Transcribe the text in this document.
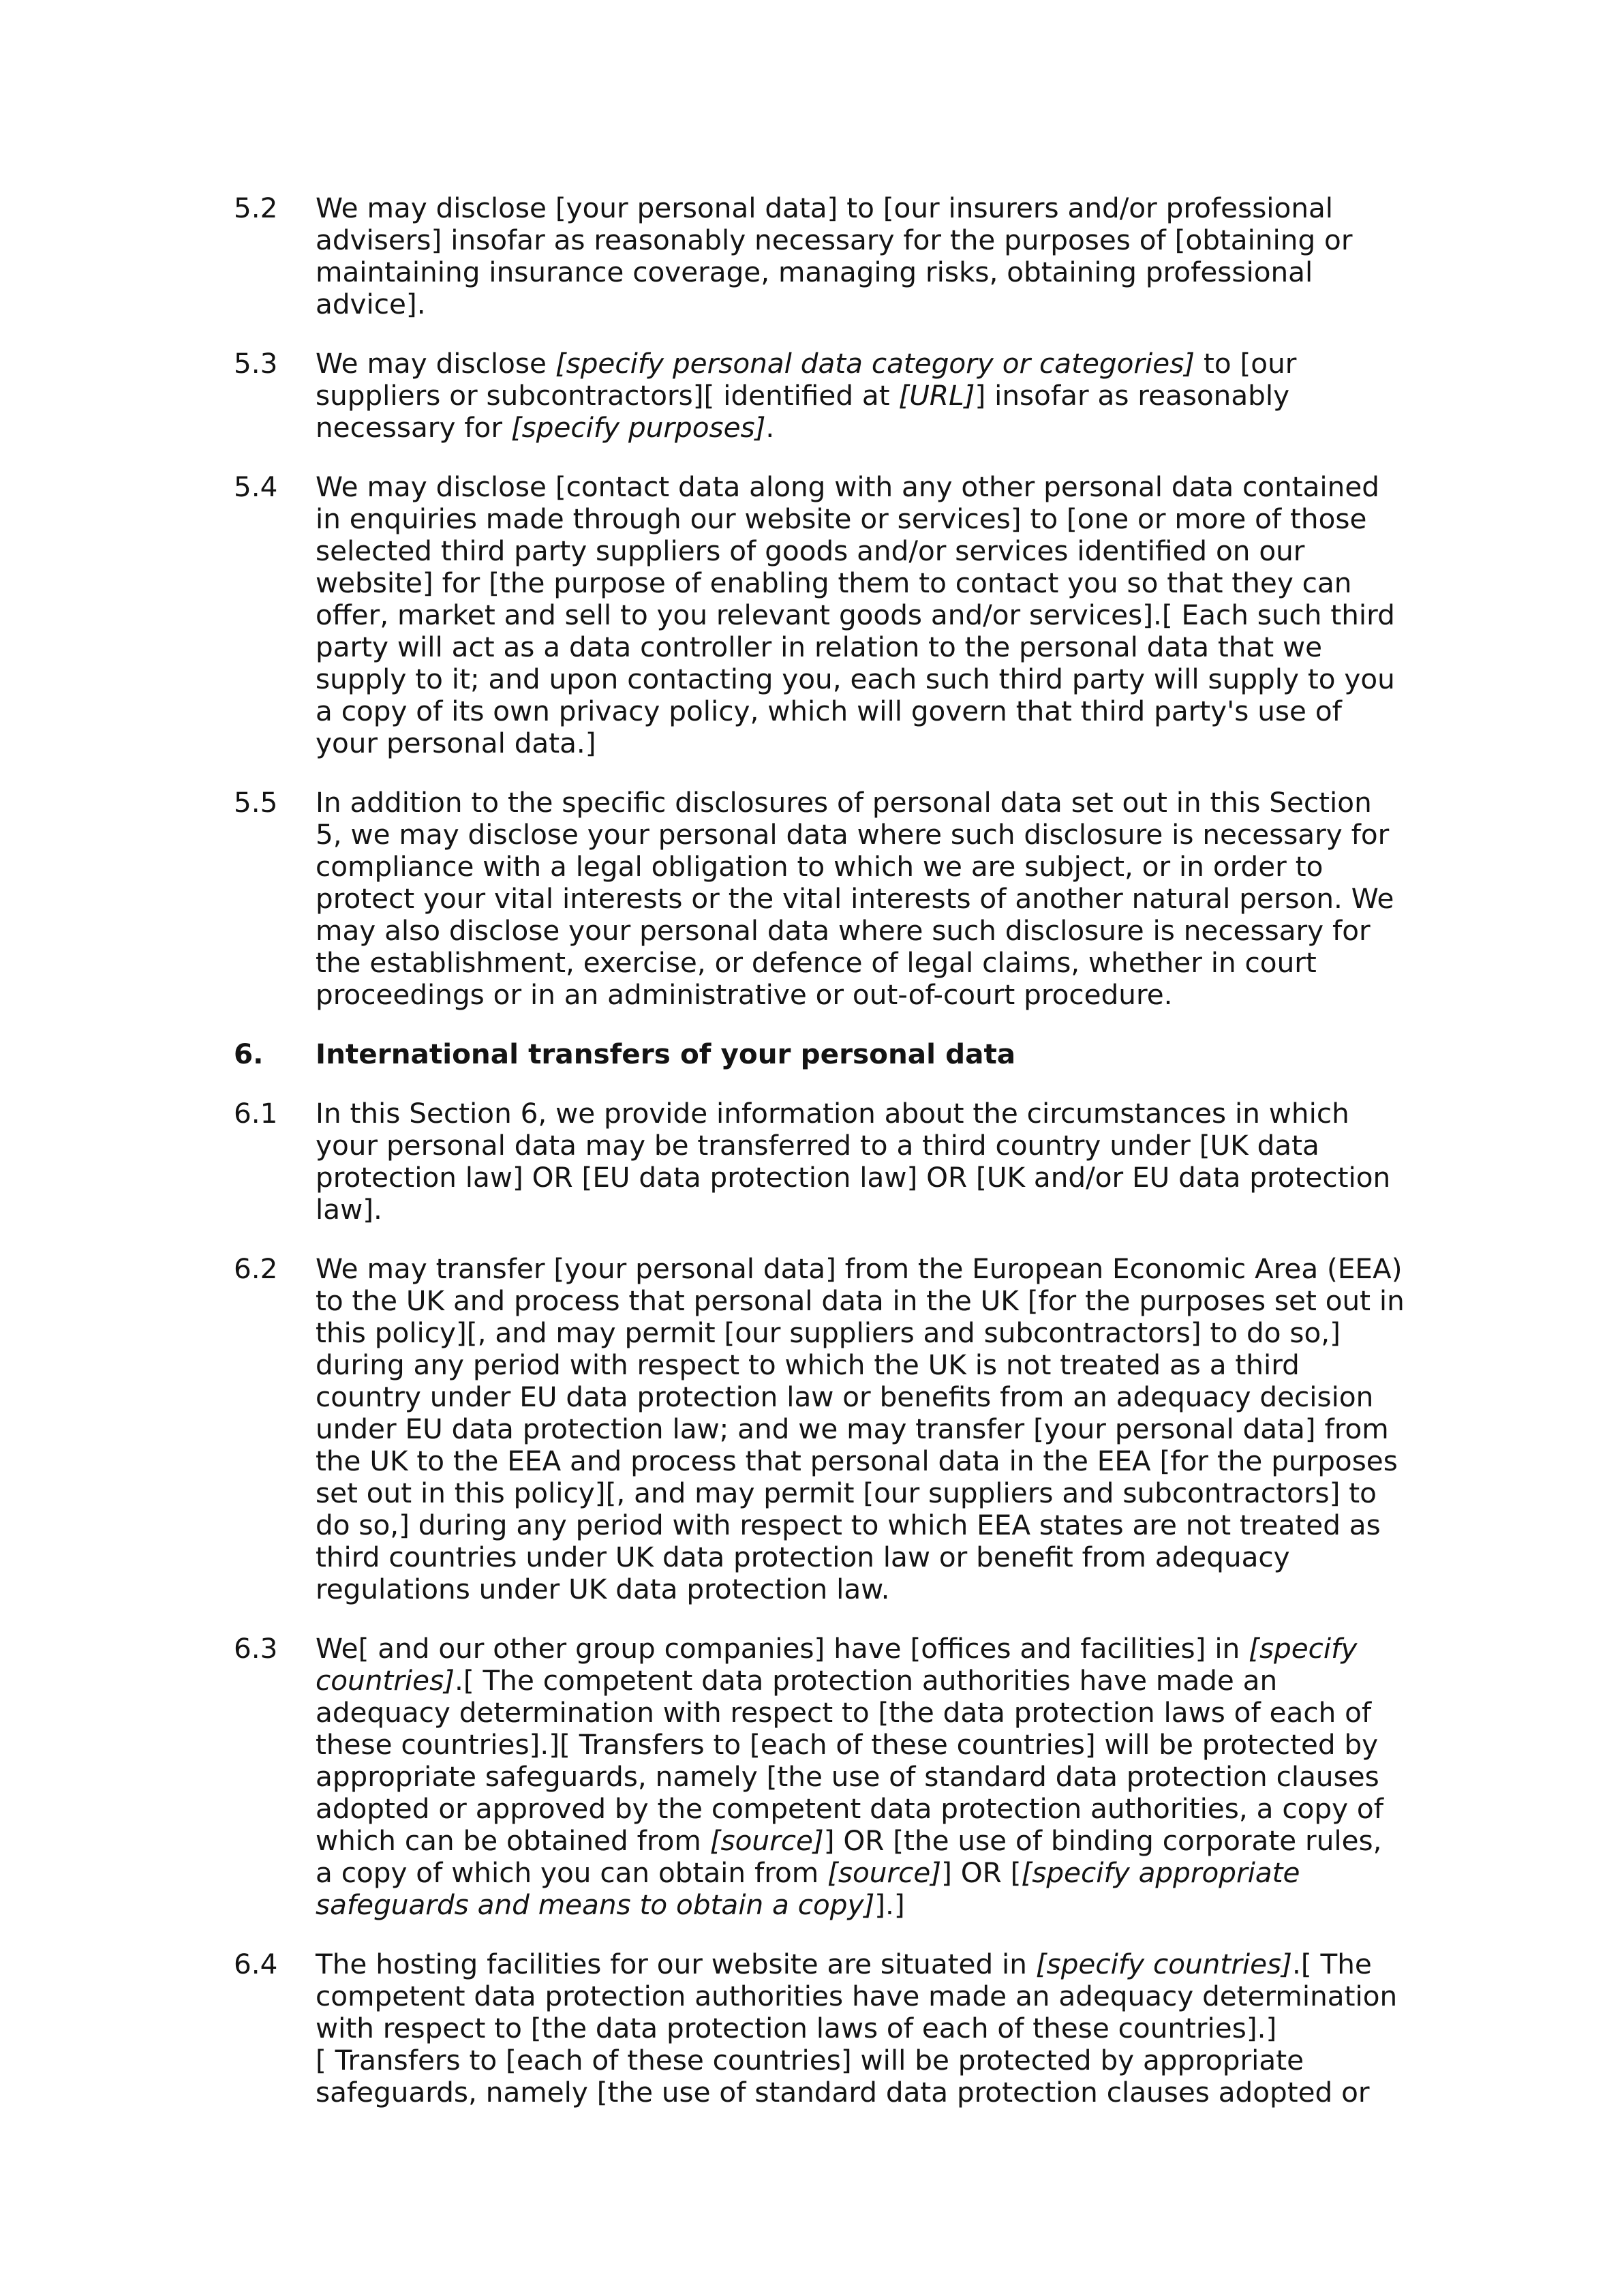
5.2	We may disclose [your personal data] to [our insurers and/or professional advisers] insofar as reasonably necessary for the purposes of [obtaining or maintaining insurance coverage, managing risks, obtaining professional advice].
5.3	We may disclose [specify personal data category or categories] to [our suppliers or subcontractors][ identified at [URL]] insofar as reasonably necessary for [specify purposes].
5.4	We may disclose [contact data along with any other personal data contained in enquiries made through our website or services] to [one or more of those selected third party suppliers of goods and/or services identified on our website] for [the purpose of enabling them to contact you so that they can offer, market and sell to you relevant goods and/or services].[ Each such third party will act as a data controller in relation to the personal data that we supply to it; and upon contacting you, each such third party will supply to you a copy of its own privacy policy, which will govern that third party's use of your personal data.]
5.5	In addition to the specific disclosures of personal data set out in this Section 5, we may disclose your personal data where such disclosure is necessary for compliance with a legal obligation to which we are subject, or in order to protect your vital interests or the vital interests of another natural person. We may also disclose your personal data where such disclosure is necessary for the establishment, exercise, or defence of legal claims, whether in court proceedings or in an administrative or out-of-court procedure.
6.	International transfers of your personal data
6.1	In this Section 6, we provide information about the circumstances in which your personal data may be transferred to a third country under [UK data protection law] OR [EU data protection law] OR [UK and/or EU data protection law].
6.2	We may transfer [your personal data] from the European Economic Area (EEA) to the UK and process that personal data in the UK [for the purposes set out in this policy][, and may permit [our suppliers and subcontractors] to do so,] during any period with respect to which the UK is not treated as a third country under EU data protection law or benefits from an adequacy decision under EU data protection law; and we may transfer [your personal data] from the UK to the EEA and process that personal data in the EEA [for the purposes set out in this policy][, and may permit [our suppliers and subcontractors] to do so,] during any period with respect to which EEA states are not treated as third countries under UK data protection law or benefit from adequacy regulations under UK data protection law.
6.3	We[ and our other group companies] have [offices and facilities] in [specify countries].[ The competent data protection authorities have made an adequacy determination with respect to [the data protection laws of each of these countries].][ Transfers to [each of these countries] will be protected by appropriate safeguards, namely [the use of standard data protection clauses adopted or approved by the competent data protection authorities, a copy of which can be obtained from [source]] OR [the use of binding corporate rules, a copy of which you can obtain from [source]] OR [[specify appropriate safeguards and means to obtain a copy]].]
6.4	The hosting facilities for our website are situated in [specify countries].[ The competent data protection authorities have made an adequacy determination with respect to [the data protection laws of each of these countries].]
[ Transfers to [each of these countries] will be protected by appropriate safeguards, namely [the use of standard data protection clauses adopted or
